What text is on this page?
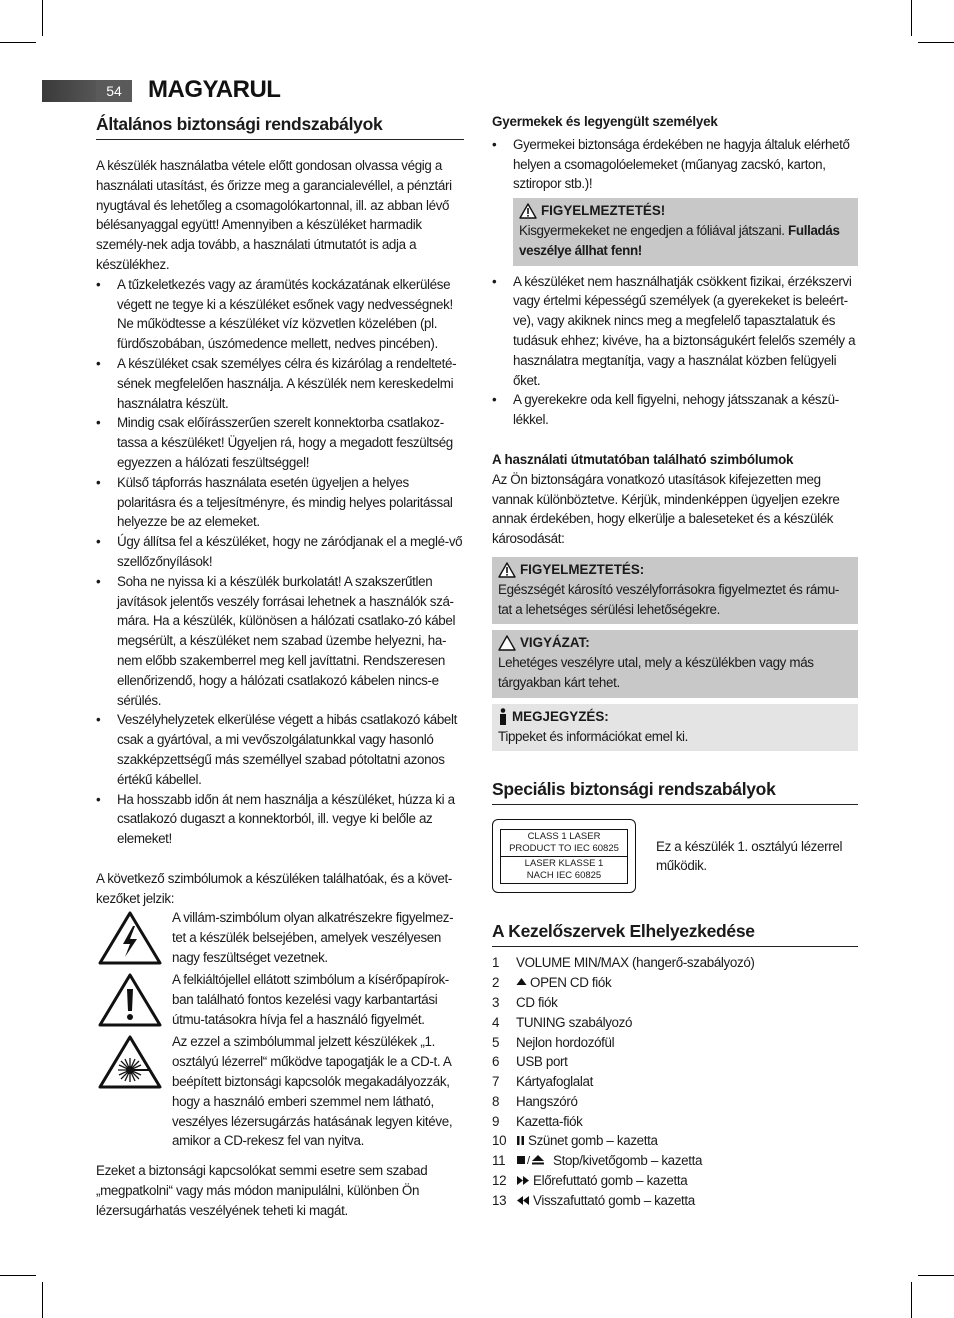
54	MAGYARUL
Általános biztonsági rendszabályok

A készülék használatba vétele előtt gondosan olvassa végig a használati utasítást, és őrizze meg a garancialevéllel, a pénztári nyugtával és lehetőleg a csomagolókartonnal, ill. az abban lévő bélésanyaggal együtt! Amennyiben a készüléket harmadik személy-nek adja tovább, a használati útmutatót is adja a készülékhez.

• A tűzkeletkezés vagy az áramütés kockázatának elkerülése végett ne tegye ki a készüléket esőnek vagy nedvességnek! Ne működtesse a készüléket víz közvetlen közelében (pl. fürdőszobában, úszómedence mellett, nedves pincében).
• A készüléket csak személyes célra és kizárólag a rendelteté-sének megfelelően használja. A készülék nem kereskedelmi használatra készült.
• Mindig csak előírásszerűen szerelt konnektorba csatlakoz-tassa a készüléket! Ügyeljen rá, hogy a megadott feszültség egyezzen a hálózati feszültséggel!
• Külső tápforrás használata esetén ügyeljen a helyes polaritásra és a teljesítményre, és mindig helyes polaritással helyezze be az elemeket.
• Úgy állítsa fel a készüléket, hogy ne záródjanak el a meglé-vő szellőzőnyílások!
• Soha ne nyissa ki a készülék burkolatát! A szakszerűtlen javítások jelentős veszély forrásai lehetnek a használók szá-mára. Ha a készülék, különösen a hálózati csatlako-zó kábel megsérült, a készüléket nem szabad üzembe helyezni, ha-nem előbb szakemberrel meg kell javíttatni. Rendszeresen ellenőrizendő, hogy a hálózati csatlakozó kábelen nincs-e sérülés.
• Veszélyhelyzetek elkerülése végett a hibás csatlakozó kábelt csak a gyártóval, a mi vevőszolgálatunkkal vagy hasonló szakképzettségű más személlyel szabad pótoltatni azonos értékű kábellel.
• Ha hosszabb időn át nem használja a készüléket, húzza ki a csatlakozó dugaszt a konnektorból, ill. vegye ki belőle az elemeket!

A következő szimbólumok a készüléken találhatóak, és a követ-kezőket jelzik:

A villám-szimbólum olyan alkatrészekre figyelmez-tet a készülék belsejében, amelyek veszélyesen nagy feszültséget vezetnek.

A felkiáltójellel ellátott szimbólum a kísérőpapírok-ban található fontos kezelési vagy karbantartási útmu-tatásokra hívja fel a használó figyelmét.

Az ezzel a szimbólummal jelzett készülékek „1. osztályú lézerrel“ működve tapogatják le a CD-t. A beépített biztonsági kapcsolók megakadályozzák, hogy a használó emberi szemmel nem látható, veszélyes lézersugárzás hatásának legyen kitéve, amikor a CD-rekesz fel van nyitva.

Ezeket a biztonsági kapcsolókat semmi esetre sem szabad „megpatkolni“ vagy más módon manipulálni, különben Ön lézersugárhatás veszélyének teheti ki magát.

Gyermekek és legyengült személyek
• Gyermekei biztonsága érdekében ne hagyja általuk elérhető helyen a csomagolóelemeket (műanyag zacskó, karton, sztiropor stb.)!
FIGYELMEZTETÉS!

Kisgyermekeket ne engedjen a fóliával játszani. Fulladás veszélye állhat fenn!

• A készüléket nem használhatják csökkent fizikai, érzékszervi vagy értelmi képességű személyek (a gyerekeket is beleért-ve), vagy akiknek nincs meg a megfelelő tapasztalatuk és tudásuk ehhez; kivéve, ha a biztonságukért felelős személy a használatra megtanítja, vagy a használat közben felügyeli őket.
• A gyerekekre oda kell figyelni, nehogy játsszanak a készü-lékkel.
A használati útmutatóban található szimbólumok

Az Ön biztonságára vonatkozó utasítások kifejezetten meg vannak különböztetve. Kérjük, mindenképpen ügyeljen ezekre annak érdekében, hogy elkerülje a baleseteket és a készülék károsodását:

FIGYELMEZTETÉS:

Egészségét károsító veszélyforrásokra figyelmeztet és rámu-tat a lehetséges sérülési lehetőségekre.

VIGYÁZAT:

Lehetéges veszélyre utal, mely a készülékben vagy más tárgyakban kárt tehet.

MEGJEGYZÉS:

Tippeket és információkat emel ki.

Speciális biztonsági rendszabályok
CLASS 1 LASER
PRODUCT TO IEC 60825
LASER KLASSE 1
NACH IEC 60825

Ez a készülék 1. osztályú lézerrel működik.

A Kezelőszervek Elhelyezkedése
1	VOLUME MIN/MAX (hangerő-szabályozó)
2	OPEN CD fiók
3	CD fiók
4	TUNING szabályozó
5	Nejlon hordozófül
6	USB port
7	Kártyafoglalat
8	Hangszóró
9	Kazetta-fiók
10	Szünet gomb – kazetta
11	/ Stop/kivetőgomb – kazetta
12	Előrefuttató gomb – kazetta
13	Visszafuttató gomb – kazetta
